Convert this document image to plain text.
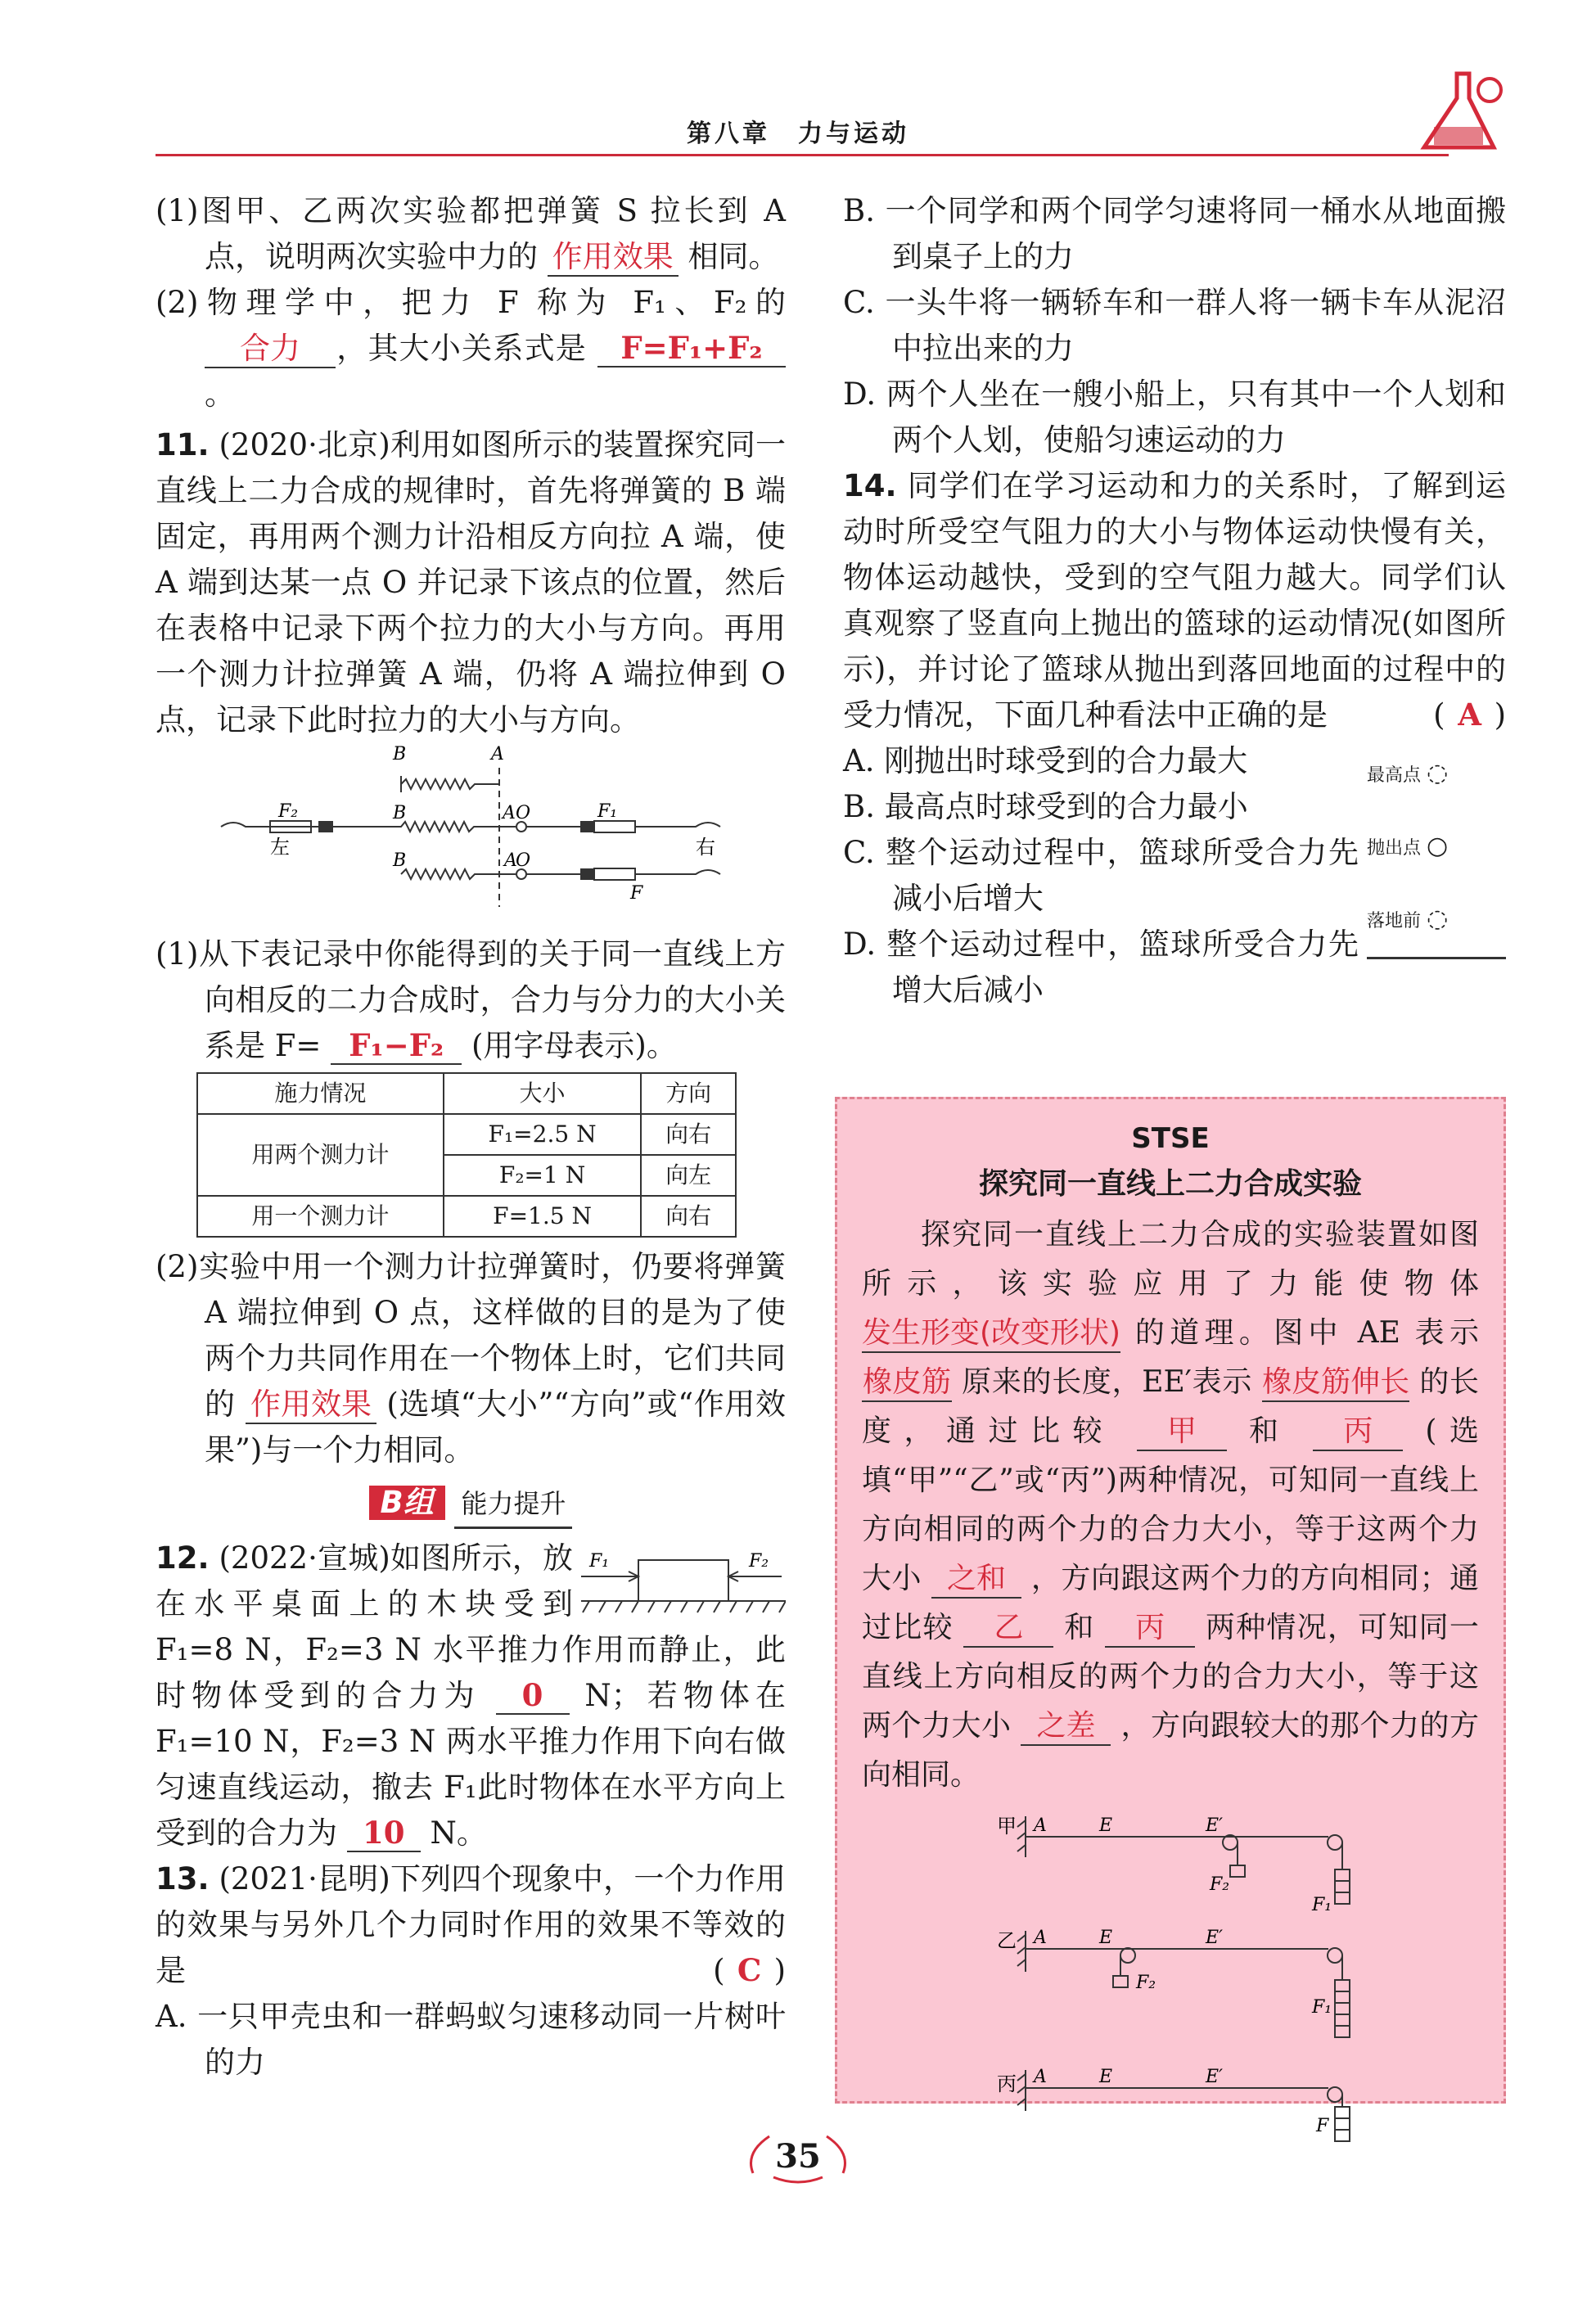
第八章　力与运动

(1)图甲、乙两次实验都把弹簧 S 拉长到 A 点，说明两次实验中力的 作用效果 相同。

(2)物理学中，把力 F 称为 F₁、F₂的 合力 ，其大小关系式是 F=F₁+F₂。

11. (2020·北京)利用如图所示的装置探究同一直线上二力合成的规律时，首先将弹簧的 B 端固定，再用两个测力计沿相反方向拉 A 端，使 A 端到达某一点 O 并记录下该点的位置，然后在表格中记录下两个拉力的大小与方向。再用一个测力计拉弹簧 A 端，仍将 A 端拉伸到 O 点，记录下此时拉力的大小与方向。

B	A
B	A O
B	A
O
F₂	F₁
F
左	右

(1)从下表记录中你能得到的关于同一直线上方向相反的二力合成时，合力与分力的大小关系是 F= F₁−F₂ (用字母表示)。

施力情况	大小	方向
用两个测力计	F₁=2.5 N	向右
	F₂=1 N	向左
用一个测力计	F=1.5 N	向右

(2)实验中用一个测力计拉弹簧时，仍要将弹簧 A 端拉伸到 O 点，这样做的目的是为了使两个力共同作用在一个物体上时，它们共同的 作用效果 (选填“大小”“方向”或“作用效果”)与一个力相同。

B组 能力提升
F₁	F₂

12. (2022·宣城)如图所示，放在水平桌面上的木块受到 F₁=8 N，F₂=3 N 水平推力作用而静止，此时物体受到的合力为 0 N；若物体在 F₁=10 N，F₂=3 N 两水平推力作用下向右做匀速直线运动，撤去 F₁此时物体在水平方向上受到的合力为 10 N。

13. (2021·昆明)下列四个现象中，一个力作用的效果与另外几个力同时作用的效果不等效的是	( C )

A. 一只甲壳虫和一群蚂蚁匀速移动同一片树叶的力

B. 一个同学和两个同学匀速将同一桶水从地面搬到桌子上的力

C. 一头牛将一辆轿车和一群人将一辆卡车从泥沼中拉出来的力

D. 两个人坐在一艘小船上，只有其中一个人划和两个人划，使船匀速运动的力

14. 同学们在学习运动和力的关系时，了解到运动时所受空气阻力的大小与物体运动快慢有关，物体运动越快，受到的空气阻力越大。同学们认真观察了竖直向上抛出的篮球的运动情况(如图所示)，并讨论了篮球从抛出到落回地面的过程中的受力情况，下面几种看法中正确的是	( A )

最高点 ◌
抛出点 ○
落地前 ◌

A. 刚抛出时球受到的合力最大

B. 最高点时球受到的合力最小

C. 整个运动过程中，篮球所受合力先减小后增大

D. 整个运动过程中，篮球所受合力先增大后减小

STSE
探究同一直线上二力合成实验

探究同一直线上二力合成的实验装置如图所示，该实验应用了力能使物体 发生形变(改变形状) 的道理。图中 AE 表示 橡皮筋 原来的长度，EE′表示 橡皮筋伸长 的长度，通过比较 甲 和 丙 (选填“甲”“乙”或“丙”)两种情况，可知同一直线上方向相同的两个力的合力大小，等于这两个力大小 之和 ，方向跟这两个力的方向相同；通过比较 乙 和 丙 两种情况，可知同一直线上方向相反的两个力的合力大小，等于这两个力大小 之差 ，方向跟较大的那个力的方向相同。

甲 A	E	E′
F₂
F₁
乙 A	E	E′
F₂
F₁
丙 A	E	E′
F
35
